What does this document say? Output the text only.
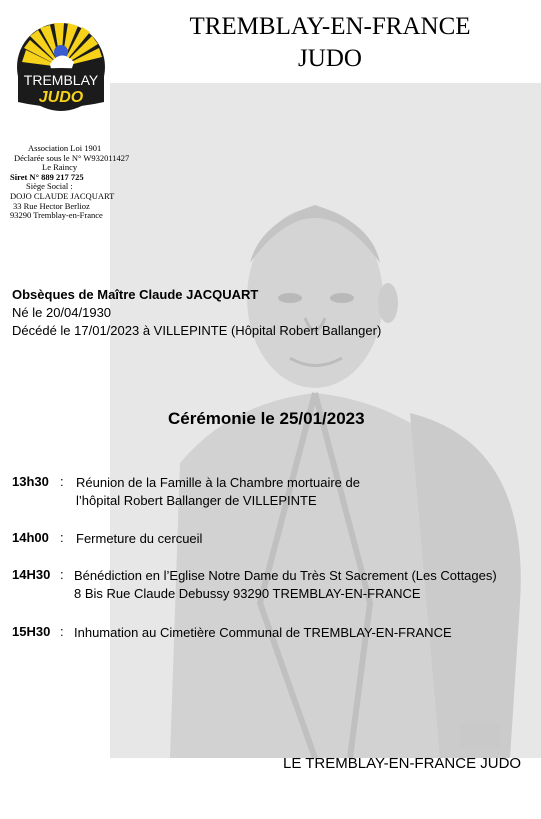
TREMBLAY
JUDO
TREMBLAY-EN-FRANCE
JUDO
Association Loi 1901
Déclarée sous le N° W932011427
Le Raincy
Siret N° 889 217 725
Siège Social :
DOJO CLAUDE JACQUART
33 Rue Hector Berlioz
93290 Tremblay-en-France
Obsèques de Maître Claude JACQUART
Né le 20/04/1930
Décédé le 17/01/2023 à VILLEPINTE (Hôpital Robert Ballanger)
Cérémonie le 25/01/2023
13h30 : Réunion de la Famille à la Chambre mortuaire de
l’hôpital Robert Ballanger de VILLEPINTE
14h00 : Fermeture du cercueil
14H30 : Bénédiction en l’Eglise Notre Dame du Très St Sacrement (Les Cottages)
8 Bis Rue Claude Debussy 93290 TREMBLAY-EN-FRANCE
15H30 : Inhumation au Cimetière Communal de TREMBLAY-EN-FRANCE
LE TREMBLAY-EN-FRANCE JUDO
